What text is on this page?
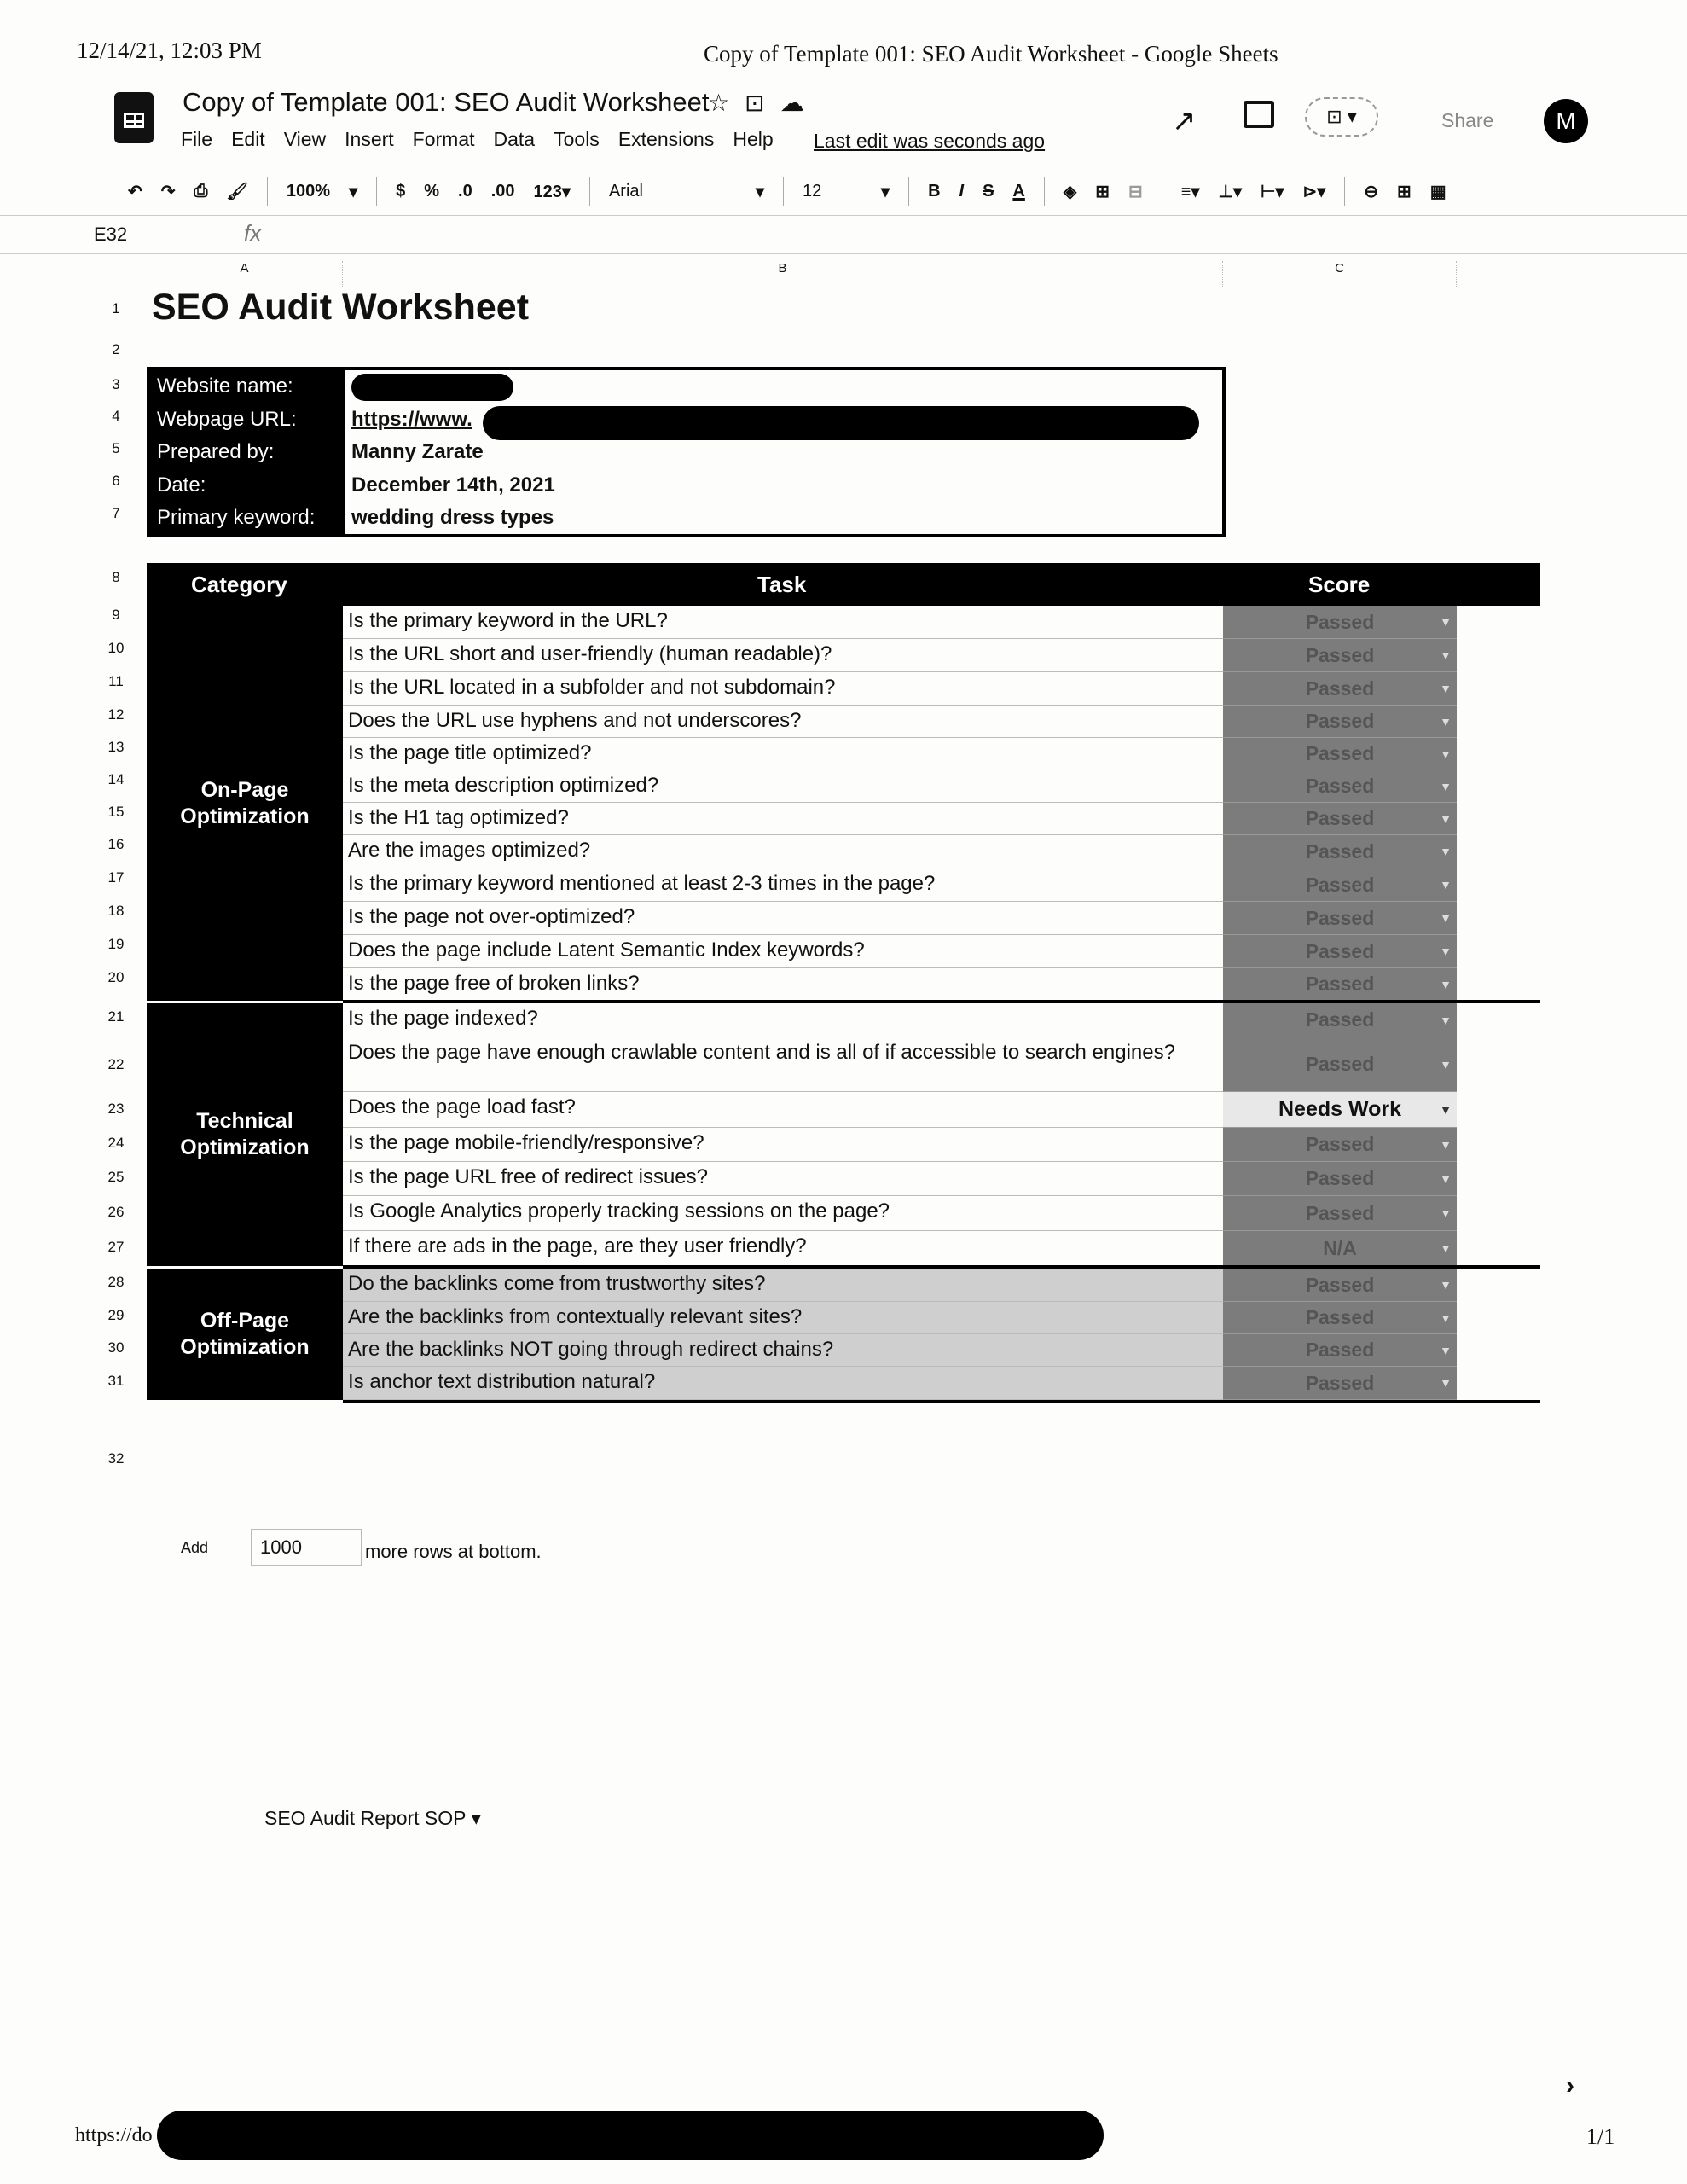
12/14/21, 12:03 PM	Copy of Template 001: SEO Audit Worksheet - Google Sheets
Copy of Template 001: SEO Audit Worksheet
☆⊡☁
File Edit View Insert Format Data Tools Extensions Help Last edit was seconds ago
↗	⊡ ▾	Share	M
↶ ↷ ⎙ 🖌 100% ▾ $ % .0 .00 123▾ Arial	▾ 12	▾ B I S A ◈ ⊞ ⊟ ≡▾ ⊥▾ ⊢▾ ⊳▾ ⊖ ⊞ ▦
E32	fx
A	B	C
1
2
3
4
5
6
7
8
9
10
11
12
13
14
15
16
17
18
19
20
21
22
23
24
25
26
27
28
29
30
31
32
SEO Audit Worksheet
Website name:
Webpage URL:	https://www.
Prepared by:	Manny Zarate
Date:	December 14th, 2021
Primary keyword:	wedding dress types
Category	Task	Score
On-Page Optimization
Is the primary keyword in the URL?	Passed	▼
Is the URL short and user-friendly (human readable)?	Passed	▼
Is the URL located in a subfolder and not subdomain?	Passed	▼
Does the URL use hyphens and not underscores?	Passed	▼
Is the page title optimized?	Passed	▼
Is the meta description optimized?	Passed	▼
Is the H1 tag optimized?	Passed	▼
Are the images optimized?	Passed	▼
Is the primary keyword mentioned at least 2-3 times in the page?	Passed	▼
Is the page not over-optimized?	Passed	▼
Does the page include Latent Semantic Index keywords?	Passed	▼
Is the page free of broken links?	Passed	▼
Technical Optimization
Is the page indexed?	Passed	▼
Does the page have enough crawlable content and is all of if accessible to search engines?	Passed	▼
Does the page load fast?	Needs Work	▼
Is the page mobile-friendly/responsive?	Passed	▼
Is the page URL free of redirect issues?	Passed	▼
Is Google Analytics properly tracking sessions on the page?	Passed	▼
If there are ads in the page, are they user friendly?	N/A	▼
Off-Page Optimization
Do the backlinks come from trustworthy sites?	Passed	▼
Are the backlinks from contextually relevant sites?	Passed	▼
Are the backlinks NOT going through redirect chains?	Passed	▼
Is anchor text distribution natural?	Passed	▼
Add	1000	more rows at bottom.
SEO Audit Report SOP ▾
›
https://do	1/1
